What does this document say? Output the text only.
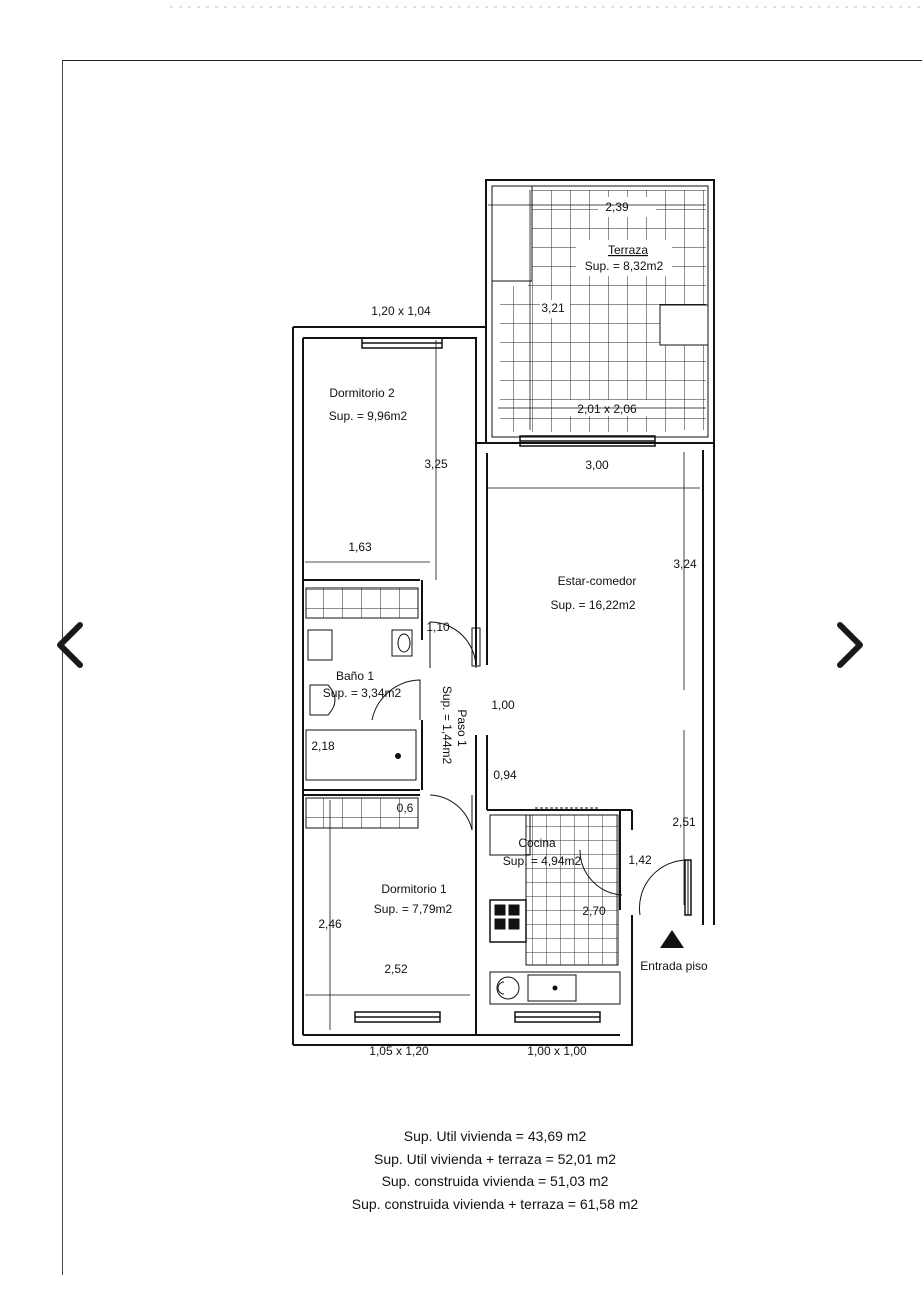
Terraza
Sup. = 8,32m2
Dormitorio 2
Sup. = 9,96m2
Estar-comedor
Sup. = 16,22m2
Baño 1
Sup. = 3,34m2
Dormitorio 1
Sup. = 7,79m2
Cocina
Sup. = 4,94m2
Paso 1
Sup. = 1,44m2
2,39
3,21
2,01 x 2,06
1,20 x 1,04
3,25	3,00
1,63
3,24
1,10
1,00
2,18
0,94
0,6
2,51
1,42
2,70
2,46
2,52
1,05 x 1,20	1,00 x 1,00
Entrada piso
Sup. Util vivienda = 43,69 m2
Sup. Util vivienda + terraza = 52,01 m2
Sup. construida vivienda = 51,03 m2
Sup. construida vivienda + terraza = 61,58 m2
